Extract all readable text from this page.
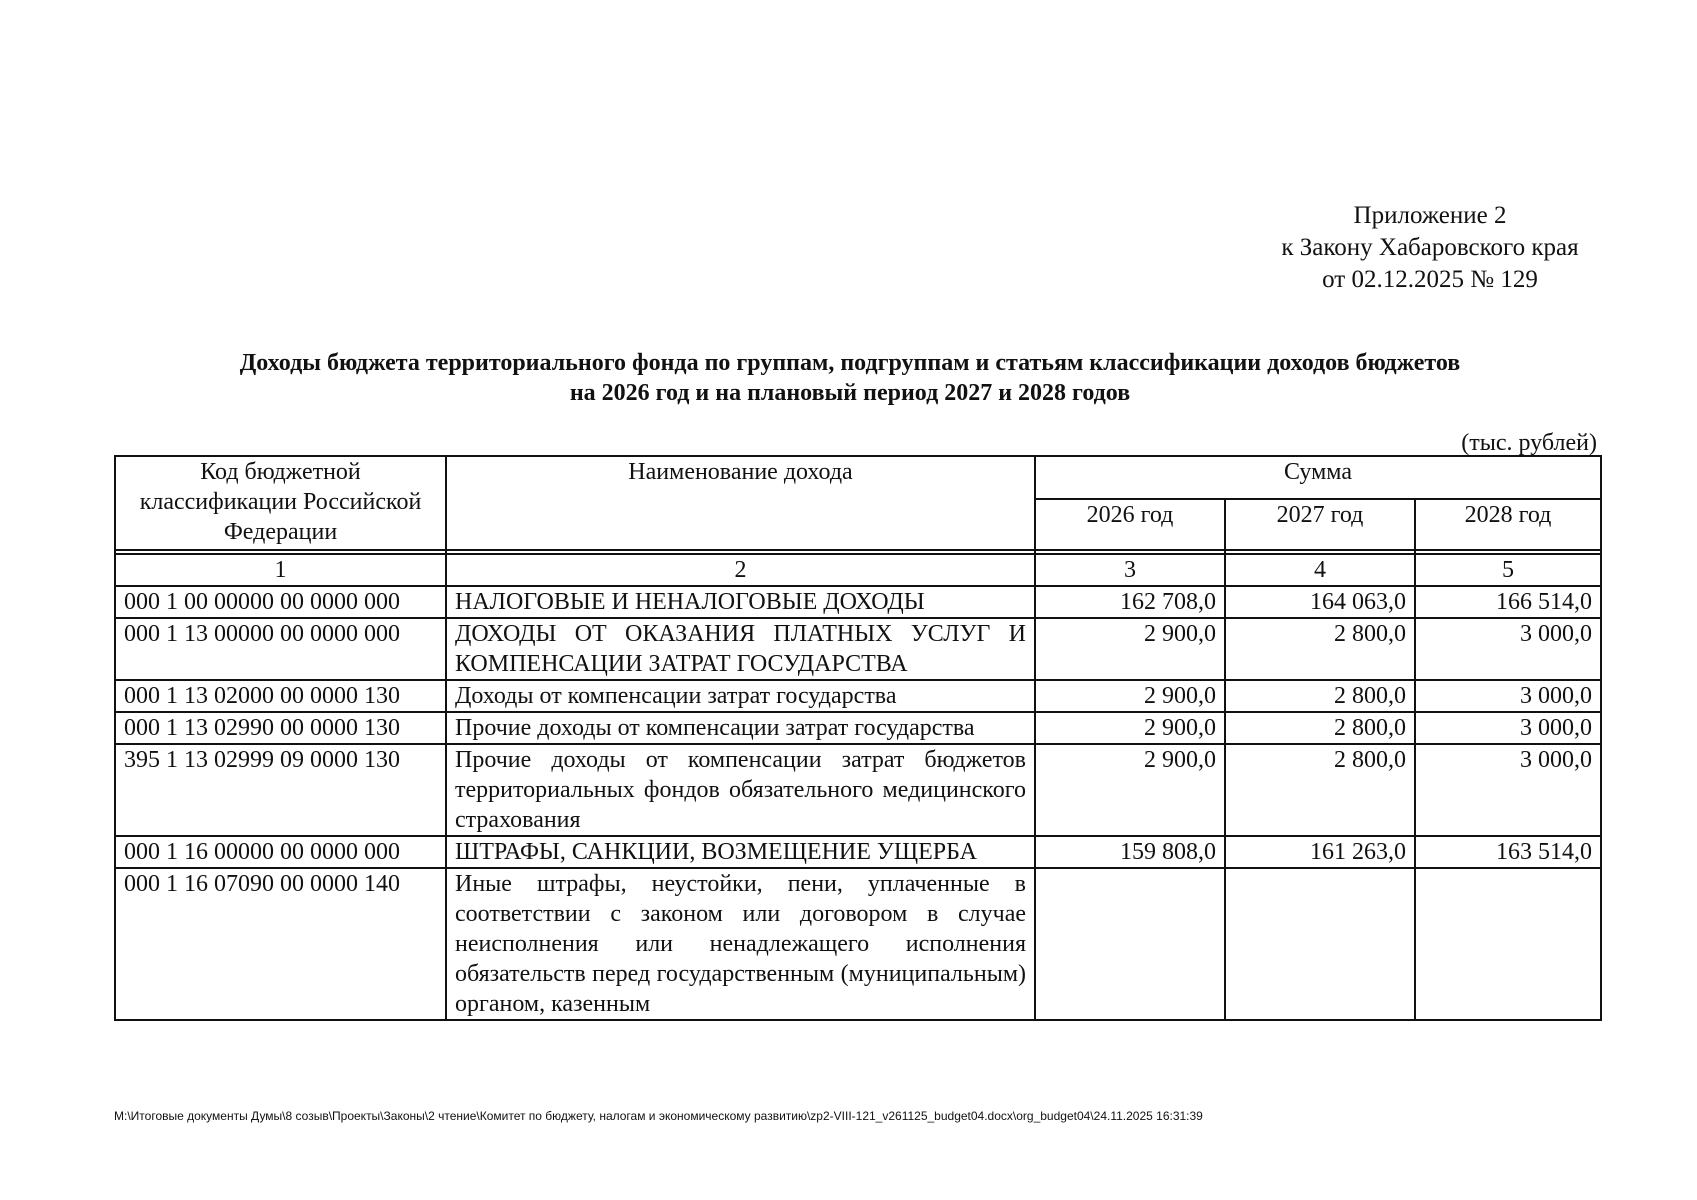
Приложение 2
к Закону Хабаровского края
от 02.12.2025 № 129
Доходы бюджета территориального фонда по группам, подгруппам и статьям классификации доходов бюджетов
на 2026 год и на плановый период 2027 и 2028 годов
(тыс. рублей)
Код бюджетной классификации Российской Федерации	Наименование дохода	Сумма		
		2026 год	2027 год	2028 год

1	2	3	4	5
000 1 00 00000 00 0000 000	НАЛОГОВЫЕ И НЕНАЛОГОВЫЕ ДОХОДЫ	162 708,0	164 063,0	166 514,0
000 1 13 00000 00 0000 000	ДОХОДЫ ОТ ОКАЗАНИЯ ПЛАТНЫХ УСЛУГ И КОМПЕНСАЦИИ ЗАТРАТ ГОСУДАРСТВА	2 900,0	2 800,0	3 000,0
000 1 13 02000 00 0000 130	Доходы от компенсации затрат государства	2 900,0	2 800,0	3 000,0
000 1 13 02990 00 0000 130	Прочие доходы от компенсации затрат государства	2 900,0	2 800,0	3 000,0
395 1 13 02999 09 0000 130	Прочие доходы от компенсации затрат бюджетов территориальных фондов обязательного медицинского страхования	2 900,0	2 800,0	3 000,0
000 1 16 00000 00 0000 000	ШТРАФЫ, САНКЦИИ, ВОЗМЕЩЕНИЕ УЩЕРБА	159 808,0	161 263,0	163 514,0
000 1 16 07090 00 0000 140	Иные штрафы, неустойки, пени, уплаченные в соответствии с законом или договором в случае неисполнения или ненадлежащего исполнения обязательств перед государственным (муниципальным) органом, казенным			
M:\Итоговые документы Думы\8 созыв\Проекты\Законы\2 чтение\Комитет по бюджету, налогам и экономическому развитию\zp2-VIII-121_v261125_budget04.docx\org_budget04\24.11.2025 16:31:39
